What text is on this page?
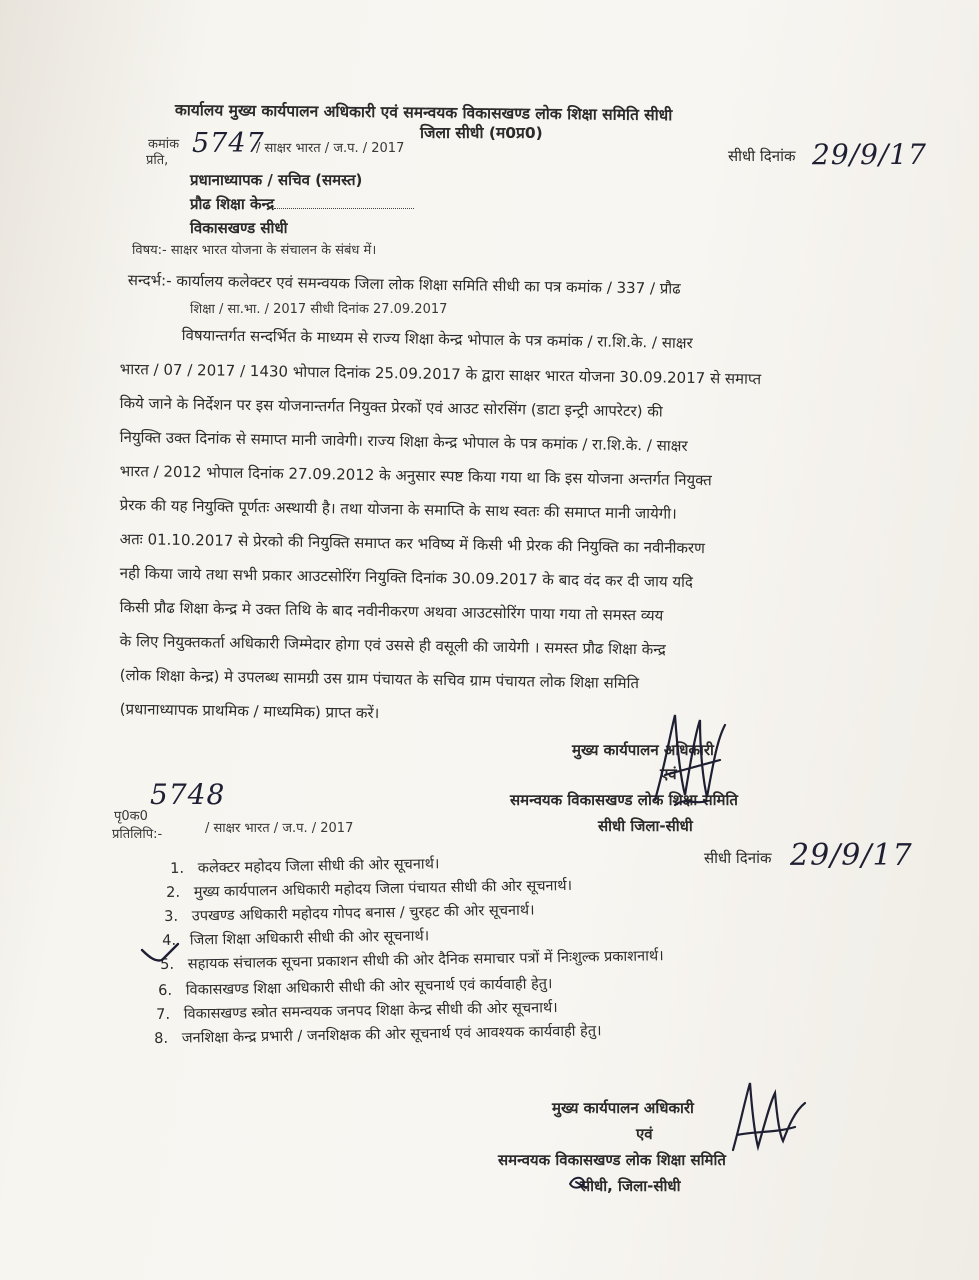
कार्यालय मुख्य कार्यपालन अधिकारी एवं समन्वयक विकासखण्ड लोक शिक्षा समिति सीधी
जिला सीधी (म0प्र0)
कमांक 5747
/ साक्षर भारत / ज.प. / 2017
प्रति,	सीधी दिनांक 29/9/17
प्रधानाध्यापक / सचिव (समस्त)
प्रौढ शिक्षा केन्द्र
विकासखण्ड सीधी
विषय:- साक्षर भारत योजना के संचालन के संबंध में।
सन्दर्भ:- कार्यालय कलेक्टर एवं समन्वयक जिला लोक शिक्षा समिति सीधी का पत्र कमांक / 337 / प्रौढ
शिक्षा / सा.भा. / 2017 सीधी दिनांक 27.09.2017
विषयान्तर्गत सन्दर्भित के माध्यम से राज्य शिक्षा केन्द्र भोपाल के पत्र कमांक / रा.शि.के. / साक्षर
भारत / 07 / 2017 / 1430 भोपाल दिनांक 25.09.2017 के द्वारा साक्षर भारत योजना 30.09.2017 से समाप्त
किये जाने के निर्देशन पर इस योजनान्तर्गत नियुक्त प्रेरकों एवं आउट सोरसिंग (डाटा इन्ट्री आपरेटर) की
नियुक्ति उक्त दिनांक से समाप्त मानी जावेगी। राज्य शिक्षा केन्द्र भोपाल के पत्र कमांक / रा.शि.के. / साक्षर
भारत / 2012 भोपाल दिनांक 27.09.2012 के अनुसार स्पष्ट किया गया था कि इस योजना अन्तर्गत नियुक्त
प्रेरक की यह नियुक्ति पूर्णतः अस्थायी है। तथा योजना के समाप्ति के साथ स्वतः की समाप्त मानी जायेगी।
अतः 01.10.2017 से प्रेरको की नियुक्ति समाप्त कर भविष्य में किसी भी प्रेरक की नियुक्ति का नवीनीकरण
नही किया जाये तथा सभी प्रकार आउटसोरिंग नियुक्ति दिनांक 30.09.2017 के बाद वंद कर दी जाय यदि
किसी प्रौढ शिक्षा केन्द्र मे उक्त तिथि के बाद नवीनीकरण अथवा आउटसोरिंग पाया गया तो समस्त व्यय
के लिए नियुक्तकर्ता अधिकारी जिम्मेदार होगा एवं उससे ही वसूली की जायेगी । समस्त प्रौढ शिक्षा केन्द्र
(लोक शिक्षा केन्द्र) मे उपलब्ध सामग्री उस ग्राम पंचायत के सचिव ग्राम पंचायत लोक शिक्षा समिति
(प्रधानाध्यापक प्राथमिक / माध्यमिक) प्राप्त करें।
मुख्य कार्यपालन अधिकारी
एवं
समन्वयक विकासखण्ड लोक शिक्षा समिति
सीधी जिला-सीधी
5748
पृ0क0
/ साक्षर भारत / ज.प. / 2017
प्रतिलिपि:-
सीधी दिनांक 29/9/17
1. कलेक्टर महोदय जिला सीधी की ओर सूचनार्थ।
2. मुख्य कार्यपालन अधिकारी महोदय जिला पंचायत सीधी की ओर सूचनार्थ।
3. उपखण्ड अधिकारी महोदय गोपद बनास / चुरहट की ओर सूचनार्थ।
4. जिला शिक्षा अधिकारी सीधी की ओर सूचनार्थ।
5. सहायक संचालक सूचना प्रकाशन सीधी की ओर दैनिक समाचार पत्रों में निःशुल्क प्रकाशनार्थ।
6. विकासखण्ड शिक्षा अधिकारी सीधी की ओर सूचनार्थ एवं कार्यवाही हेतु।
7. विकासखण्ड स्त्रोत समन्वयक जनपद शिक्षा केन्द्र सीधी की ओर सूचनार्थ।
8. जनशिक्षा केन्द्र प्रभारी / जनशिक्षक की ओर सूचनार्थ एवं आवश्यक कार्यवाही हेतु।
मुख्य कार्यपालन अधिकारी
एवं
समन्वयक विकासखण्ड लोक शिक्षा समिति
सीधी, जिला-सीधी
